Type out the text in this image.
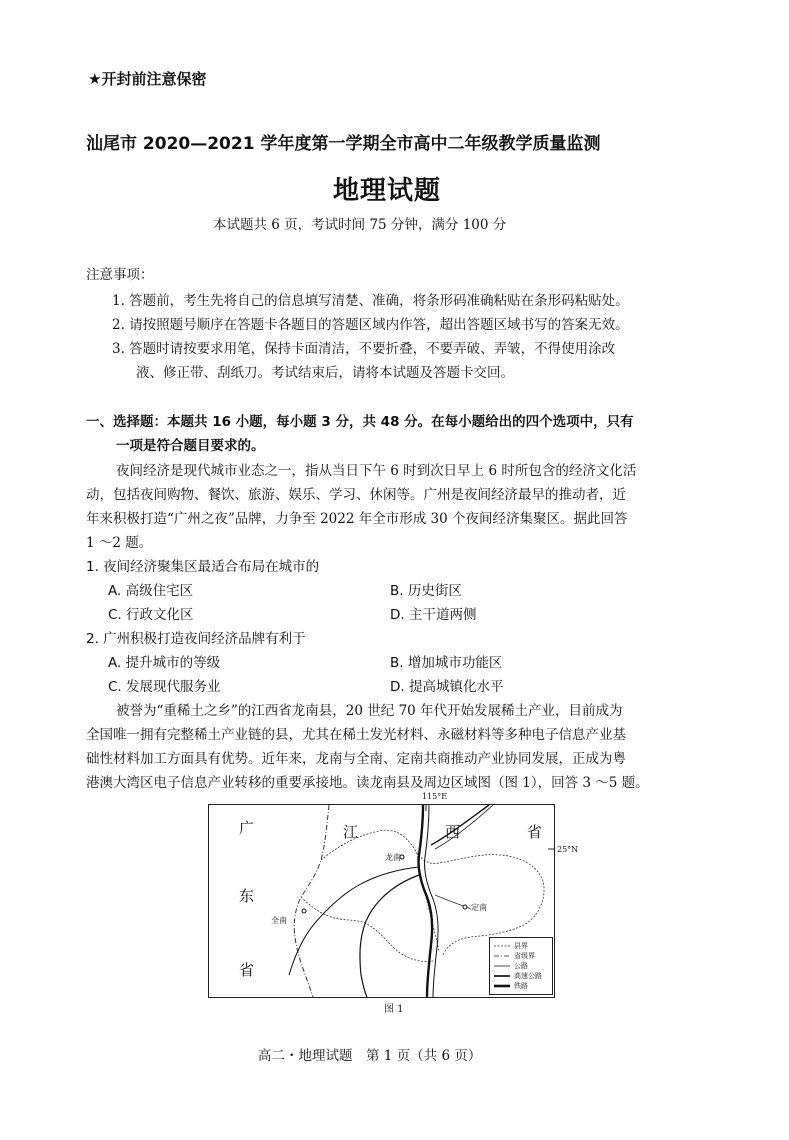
★开封前注意保密
汕尾市 2020—2021 学年度第一学期全市高中二年级教学质量监测
地理试题
本试题共 6 页，考试时间 75 分钟，满分 100 分
注意事项：
1. 答题前，考生先将自己的信息填写清楚、准确，将条形码准确粘贴在条形码粘贴处。
2. 请按照题号顺序在答题卡各题目的答题区域内作答，超出答题区域书写的答案无效。
3. 答题时请按要求用笔，保持卡面清洁，不要折叠，不要弄破、弄皱，不得使用涂改
液、修正带、刮纸刀。考试结束后，请将本试题及答题卡交回。
一、选择题：本题共 16 小题，每小题 3 分，共 48 分。在每小题给出的四个选项中，只有
一项是符合题目要求的。
夜间经济是现代城市业态之一，指从当日下午 6 时到次日早上 6 时所包含的经济文化活
动，包括夜间购物、餐饮、旅游、娱乐、学习、休闲等。广州是夜间经济最早的推动者，近
年来积极打造“广州之夜”品牌，力争至 2022 年全市形成 30 个夜间经济集聚区。据此回答
1 ～2 题。
1. 夜间经济聚集区最适合布局在城市的
A. 高级住宅区	B. 历史街区
C. 行政文化区	D. 主干道两侧
2. 广州积极打造夜间经济品牌有利于
A. 提升城市的等级	B. 增加城市功能区
C. 发展现代服务业	D. 提高城镇化水平
被誉为“重稀土之乡”的江西省龙南县，20 世纪 70 年代开始发展稀土产业，目前成为
全国唯一拥有完整稀土产业链的县，尤其在稀土发光材料、永磁材料等多种电子信息产业基
础性材料加工方面具有优势。近年来，龙南与全南、定南共商推动产业协同发展，正成为粤
港澳大湾区电子信息产业转移的重要承接地。读龙南县及周边区域图（图 1），回答 3 ～5 题。
115°E
25°N
广
东
省
江	西	省
龙南
全南
定南
县界
省级界
公路
高速公路
铁路
图 1
高二・地理试题　第 1 页（共 6 页）
